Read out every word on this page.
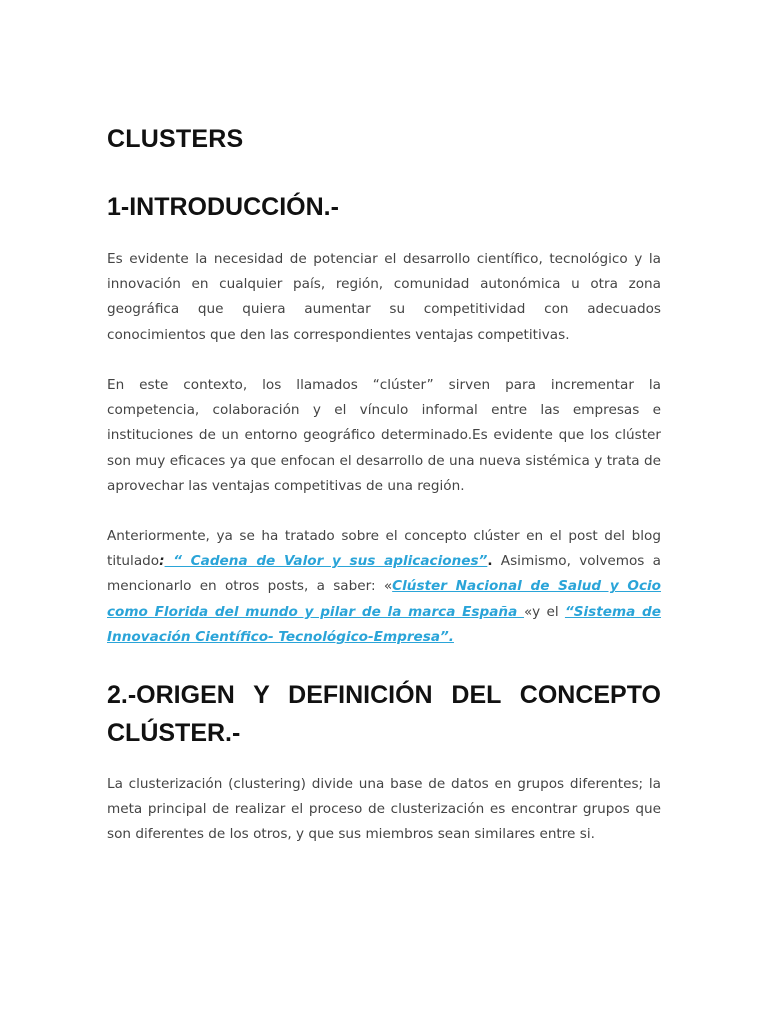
CLUSTERS
1-INTRODUCCIÓN.-

Es evidente la necesidad de potenciar el desarrollo científico, tecnológico y la innovación en cualquier país, región, comunidad autonómica u otra zona geográfica que quiera aumentar su competitividad con adecuados conocimientos que den las correspondientes ventajas competitivas.

En este contexto, los llamados “clúster” sirven para incrementar la competencia, colaboración y el vínculo informal entre las empresas e instituciones de un entorno geográfico determinado.Es evidente que los clúster son muy eficaces ya que enfocan el desarrollo de una nueva sistémica y trata de aprovechar las ventajas competitivas de una región.

Anteriormente, ya se ha tratado sobre el concepto clúster en el post del blog titulado: “ Cadena de Valor y sus aplicaciones”. Asimismo, volvemos a mencionarlo en otros posts, a saber: «Clúster Nacional de Salud y Ocio como Florida del mundo y pilar de la marca España «y el “Sistema de Innovación Científico- Tecnológico-Empresa”.

2.-ORIGEN Y DEFINICIÓN DEL CONCEPTO CLÚSTER.-

La clusterización (clustering) divide una base de datos en grupos diferentes; la meta principal de realizar el proceso de clusterización es encontrar grupos que son diferentes de los otros, y que sus miembros sean similares entre si.
